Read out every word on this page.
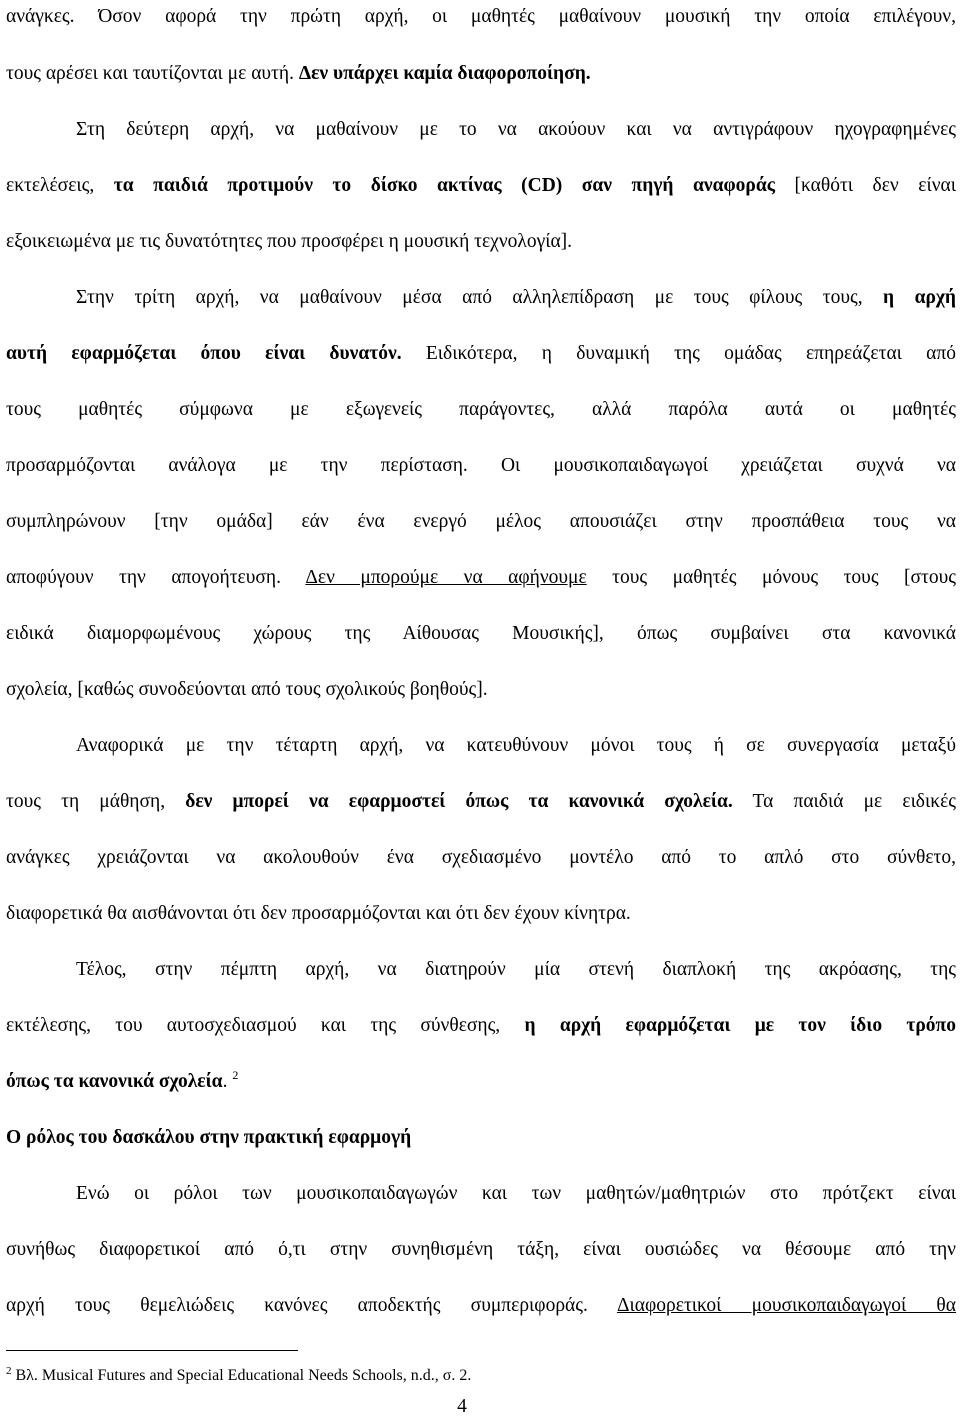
ανάγκες. Όσον αφορά την πρώτη αρχή, οι μαθητές μαθαίνουν μουσική την οποία επιλέγουν,
τους αρέσει και ταυτίζονται με αυτή. Δεν υπάρχει καμία διαφοροποίηση.
Στη δεύτερη αρχή, να μαθαίνουν με το να ακούουν και να αντιγράφουν ηχογραφημένες
εκτελέσεις, τα παιδιά προτιμούν το δίσκο ακτίνας (CD) σαν πηγή αναφοράς [καθότι δεν είναι
εξοικειωμένα με τις δυνατότητες που προσφέρει η μουσική τεχνολογία].
Στην τρίτη αρχή, να μαθαίνουν μέσα από αλληλεπίδραση με τους φίλους τους, η αρχή
αυτή εφαρμόζεται όπου είναι δυνατόν. Ειδικότερα, η δυναμική της ομάδας επηρεάζεται από
τους μαθητές σύμφωνα με εξωγενείς παράγοντες, αλλά παρόλα αυτά οι μαθητές
προσαρμόζονται ανάλογα με την περίσταση. Οι μουσικοπαιδαγωγοί χρειάζεται συχνά να
συμπληρώνουν [την ομάδα] εάν ένα ενεργό μέλος απουσιάζει στην προσπάθεια τους να
αποφύγουν την απογοήτευση. Δεν μπορούμε να αφήνουμε τους μαθητές μόνους τους [στους
ειδικά διαμορφωμένους χώρους της Αίθουσας Μουσικής], όπως συμβαίνει στα κανονικά
σχολεία, [καθώς συνοδεύονται από τους σχολικούς βοηθούς].
Αναφορικά με την τέταρτη αρχή, να κατευθύνουν μόνοι τους ή σε συνεργασία μεταξύ
τους τη μάθηση, δεν μπορεί να εφαρμοστεί όπως τα κανονικά σχολεία. Τα παιδιά με ειδικές
ανάγκες χρειάζονται να ακολουθούν ένα σχεδιασμένο μοντέλο από το απλό στο σύνθετο,
διαφορετικά θα αισθάνονται ότι δεν προσαρμόζονται και ότι δεν έχουν κίνητρα.
Τέλος, στην πέμπτη αρχή, να διατηρούν μία στενή διαπλοκή της ακρόασης, της
εκτέλεσης, του αυτοσχεδιασμού και της σύνθεσης, η αρχή εφαρμόζεται με τον ίδιο τρόπο
όπως τα κανονικά σχολεία. $^2$
Ο ρόλος του δασκάλου στην πρακτική εφαρμογή
Ενώ οι ρόλοι των μουσικοπαιδαγωγών και των μαθητών/μαθητριών στο πρότζεκτ είναι
συνήθως διαφορετικοί από ό,τι στην συνηθισμένη τάξη, είναι ουσιώδες να θέσουμε από την
αρχή τους θεμελιώδεις κανόνες αποδεκτής συμπεριφοράς. Διαφορετικοί μουσικοπαιδαγωγοί θα
$^2$ Βλ. Musical Futures and Special Educational Needs Schools, n.d., σ. 2.
4
